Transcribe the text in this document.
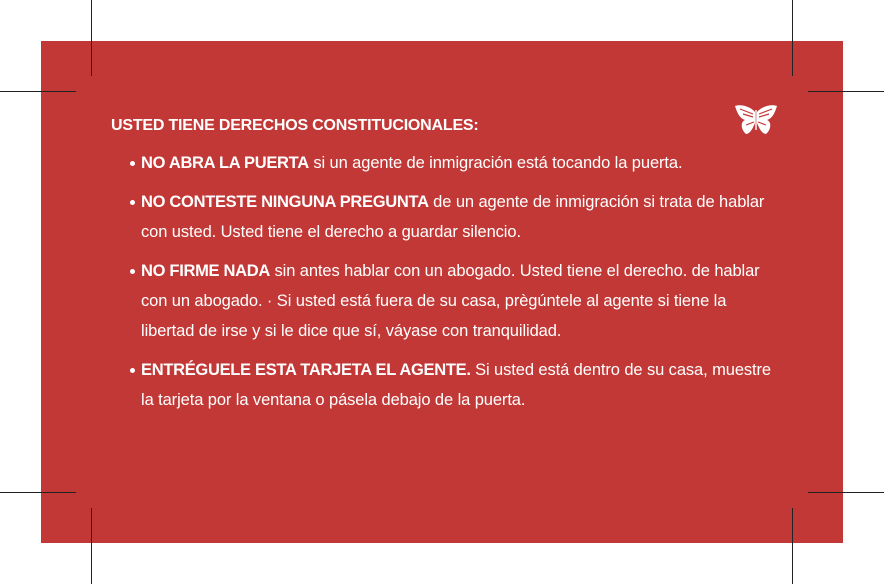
USTED TIENE DERECHOS CONSTITUCIONALES:
NO ABRA LA PUERTA si un agente de inmigración está tocando la puerta.
NO CONTESTE NINGUNA PREGUNTA de un agente de inmigración si trata de hablar con usted. Usted tiene el derecho a guardar silencio.
NO FIRME NADA sin antes hablar con un abogado. Usted tiene el derecho. de hablar con un abogado. · Si usted está fuera de su casa, prègúntele al agente si tiene la libertad de irse y si le dice que sí, váyase con tranquilidad.
ENTRÉGUELE ESTA TARJETA EL AGENTE. Si usted está dentro de su casa, muestre la tarjeta por la ventana o pásela debajo de la puerta.
